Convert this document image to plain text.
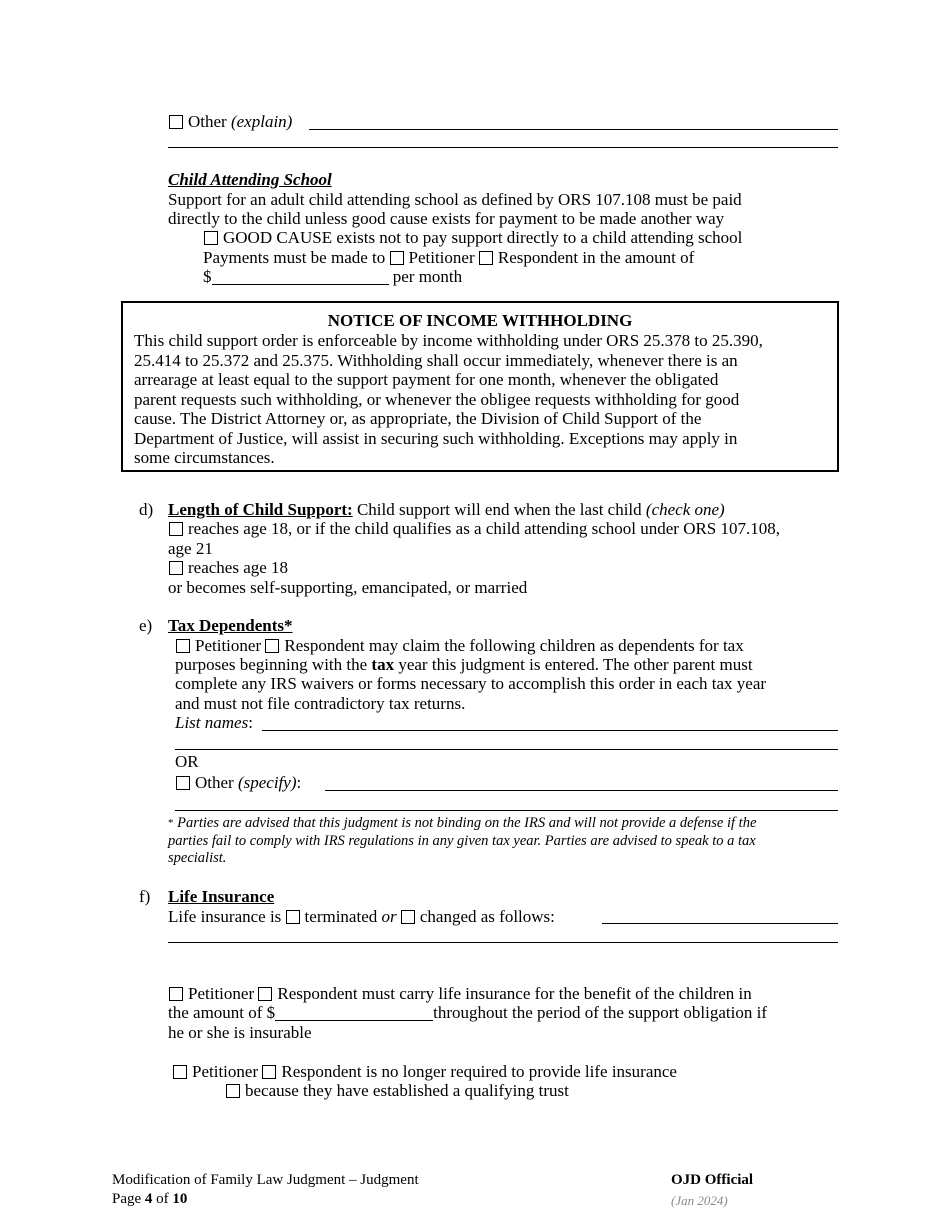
Other (explain)
Child Attending School
Support for an adult child attending school as defined by ORS 107.108 must be paid
directly to the child unless good cause exists for payment to be made another way
GOOD CAUSE exists not to pay support directly to a child attending school
Payments must be made to Petitioner Respondent in the amount of
$	per month
NOTICE OF INCOME WITHHOLDING
This child support order is enforceable by income withholding under ORS 25.378 to 25.390,
25.414 to 25.372 and 25.375. Withholding shall occur immediately, whenever there is an
arrearage at least equal to the support payment for one month, whenever the obligated
parent requests such withholding, or whenever the obligee requests withholding for good
cause. The District Attorney or, as appropriate, the Division of Child Support of the
Department of Justice, will assist in securing such withholding. Exceptions may apply in
some circumstances.
d) Length of Child Support: Child support will end when the last child (check one)
reaches age 18, or if the child qualifies as a child attending school under ORS 107.108,
age 21
reaches age 18
or becomes self-supporting, emancipated, or married
e) Tax Dependents*
Petitioner Respondent may claim the following children as dependents for tax
purposes beginning with the tax year this judgment is entered. The other parent must
complete any IRS waivers or forms necessary to accomplish this order in each tax year
and must not file contradictory tax returns.
List names:
OR
Other (specify):
* Parties are advised that this judgment is not binding on the IRS and will not provide a defense if the
parties fail to comply with IRS regulations in any given tax year. Parties are advised to speak to a tax
specialist.
f) Life Insurance
Life insurance is terminated or changed as follows:
Petitioner Respondent must carry life insurance for the benefit of the children in
the amount of $	throughout the period of the support obligation if
he or she is insurable
Petitioner Respondent is no longer required to provide life insurance
because they have established a qualifying trust
Modification of Family Law Judgment – Judgment
Page 4 of 10
OJD Official
(Jan 2024)
